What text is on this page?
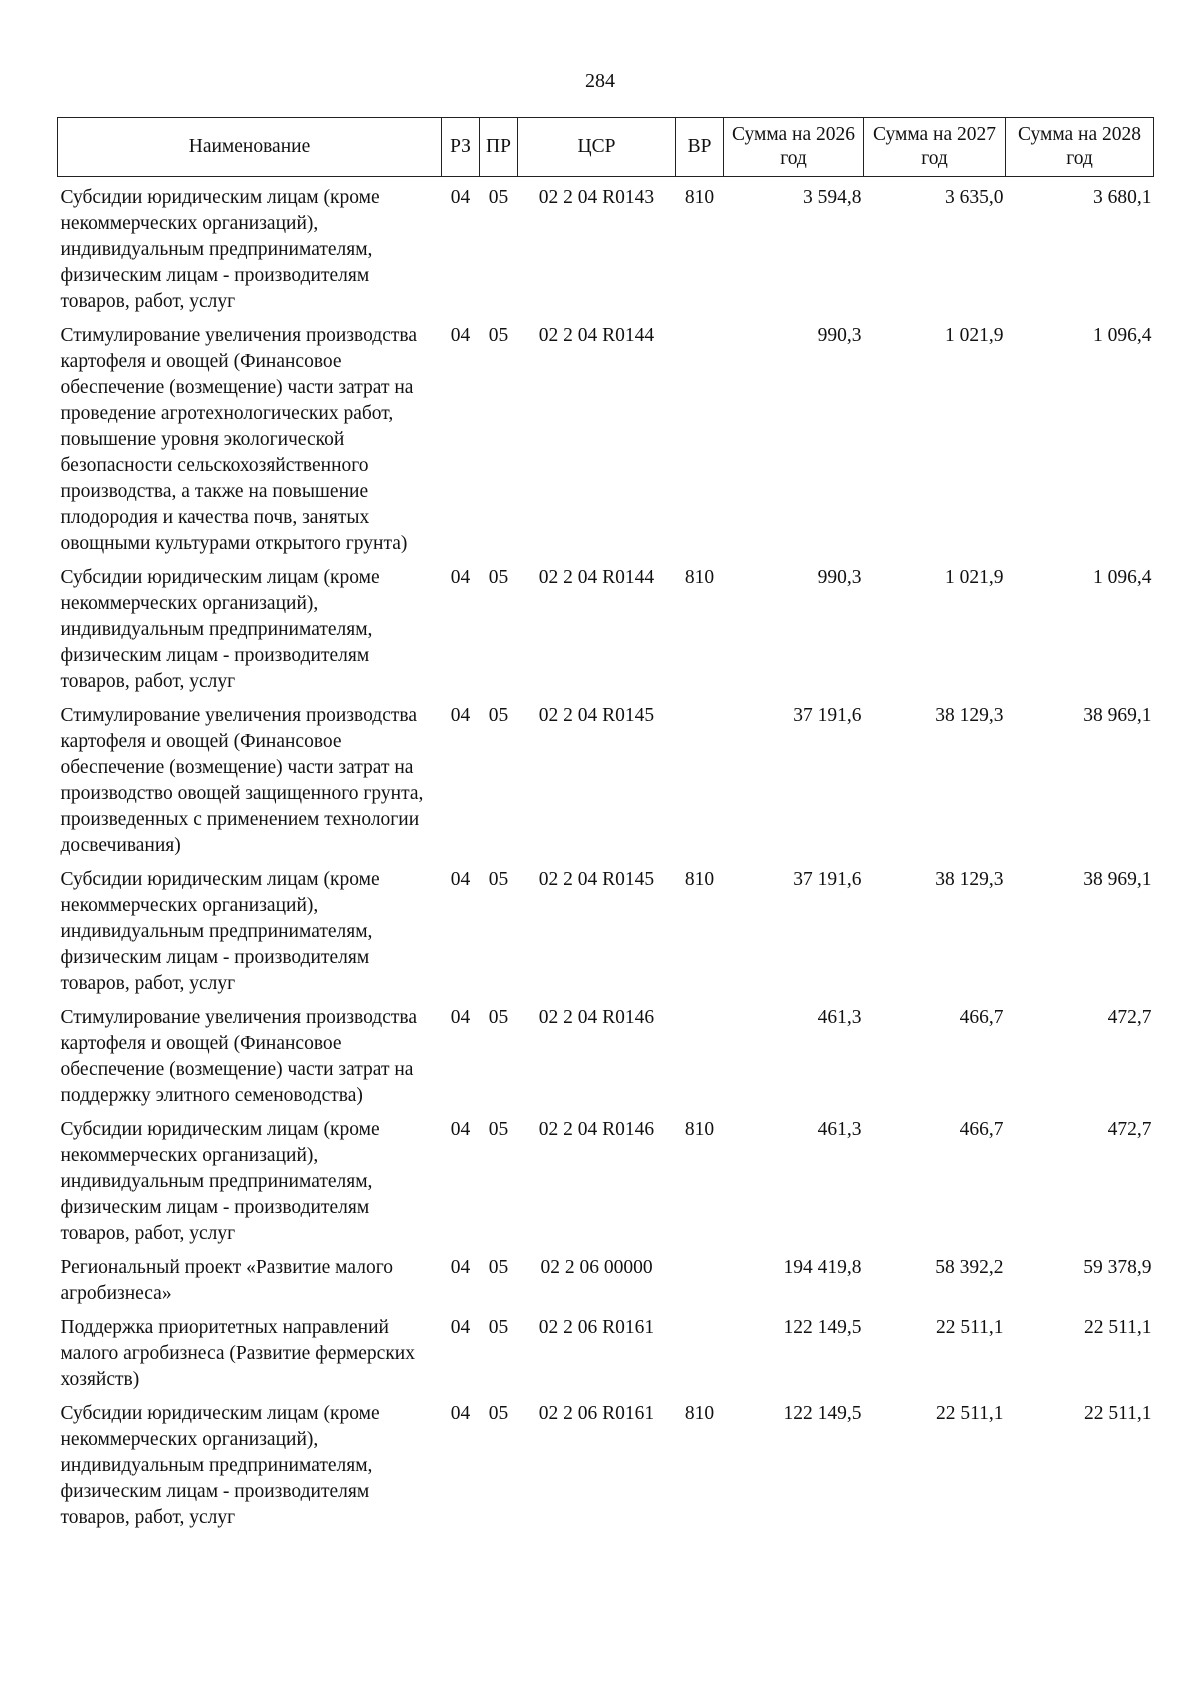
284
Наименование	РЗ	ПР	ЦСР	ВР	Сумма на 2026 год	Сумма на 2027 год	Сумма на 2028 год
Субсидии юридическим лицам (кроме некоммерческих организаций), индивидуальным предпринимателям, физическим лицам - производителям товаров, работ, услуг	04	05	02 2 04 R0143	810	3 594,8	3 635,0	3 680,1
Стимулирование увеличения производства картофеля и овощей (Финансовое обеспечение (возмещение) части затрат на проведение агротехнологических работ, повышение уровня экологической безопасности сельскохозяйственного производства, а также на повышение плодородия и качества почв, занятых овощными культурами открытого грунта)	04	05	02 2 04 R0144		990,3	1 021,9	1 096,4
Субсидии юридическим лицам (кроме некоммерческих организаций), индивидуальным предпринимателям, физическим лицам - производителям товаров, работ, услуг	04	05	02 2 04 R0144	810	990,3	1 021,9	1 096,4
Стимулирование увеличения производства картофеля и овощей (Финансовое обеспечение (возмещение) части затрат на производство овощей защищенного грунта, произведенных с применением технологии досвечивания)	04	05	02 2 04 R0145		37 191,6	38 129,3	38 969,1
Субсидии юридическим лицам (кроме некоммерческих организаций), индивидуальным предпринимателям, физическим лицам - производителям товаров, работ, услуг	04	05	02 2 04 R0145	810	37 191,6	38 129,3	38 969,1
Стимулирование увеличения производства картофеля и овощей (Финансовое обеспечение (возмещение) части затрат на поддержку элитного семеноводства)	04	05	02 2 04 R0146		461,3	466,7	472,7
Субсидии юридическим лицам (кроме некоммерческих организаций), индивидуальным предпринимателям, физическим лицам - производителям товаров, работ, услуг	04	05	02 2 04 R0146	810	461,3	466,7	472,7
Региональный проект «Развитие малого агробизнеса»	04	05	02 2 06 00000		194 419,8	58 392,2	59 378,9
Поддержка приоритетных направлений малого агробизнеса (Развитие фермерских хозяйств)	04	05	02 2 06 R0161		122 149,5	22 511,1	22 511,1
Субсидии юридическим лицам (кроме некоммерческих организаций), индивидуальным предпринимателям, физическим лицам - производителям товаров, работ, услуг	04	05	02 2 06 R0161	810	122 149,5	22 511,1	22 511,1
